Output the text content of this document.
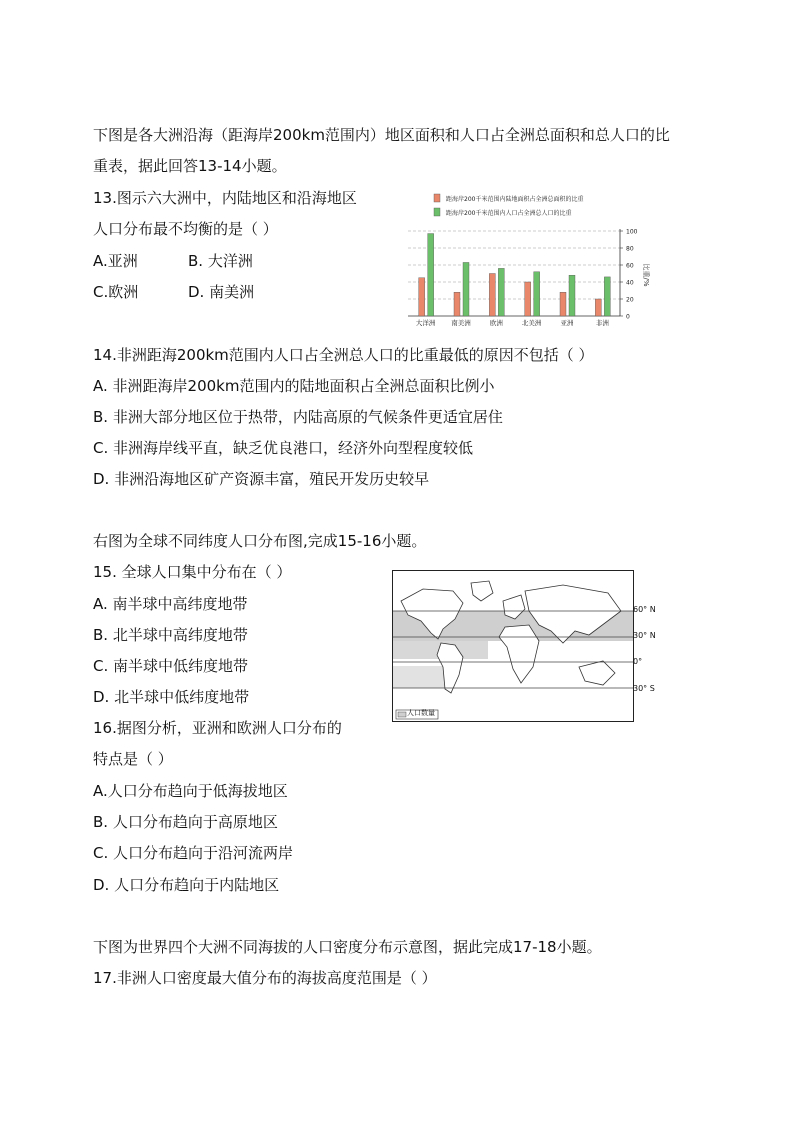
下图是各大洲沿海（距海岸200km范围内）地区面积和人口占全洲总面积和总人口的比
重表，据此回答13-14小题。
13.图示六大洲中，内陆地区和沿海地区
人口分布最不均衡的是（ ）
A.亚洲	B. 大洋洲
C.欧洲	D. 南美洲
距海岸200千米范围内陆地面积占全洲总面积的比重
距海岸200千米范围内人口占全洲总人口的比重
0
20
40
60
80
100
大洋洲 南美洲	欧洲	北美洲	亚洲	非洲
比重/%
14.非洲距海200km范围内人口占全洲总人口的比重最低的原因不包括（ ）
A. 非洲距海岸200km范围内的陆地面积占全洲总面积比例小
B. 非洲大部分地区位于热带，内陆高原的气候条件更适宜居住
C. 非洲海岸线平直，缺乏优良港口，经济外向型程度较低
D. 非洲沿海地区矿产资源丰富，殖民开发历史较早
右图为全球不同纬度人口分布图,完成15-16小题。
15. 全球人口集中分布在（ ）
A. 南半球中高纬度地带
B. 北半球中高纬度地带
C. 南半球中低纬度地带
D. 北半球中低纬度地带
60° N
30° N
0°
30° S
人口数量
16.据图分析，亚洲和欧洲人口分布的
特点是（ ）
A.人口分布趋向于低海拔地区
B. 人口分布趋向于高原地区
C. 人口分布趋向于沿河流两岸
D. 人口分布趋向于内陆地区
下图为世界四个大洲不同海拔的人口密度分布示意图，据此完成17-18小题。
17.非洲人口密度最大值分布的海拔高度范围是（ ）
